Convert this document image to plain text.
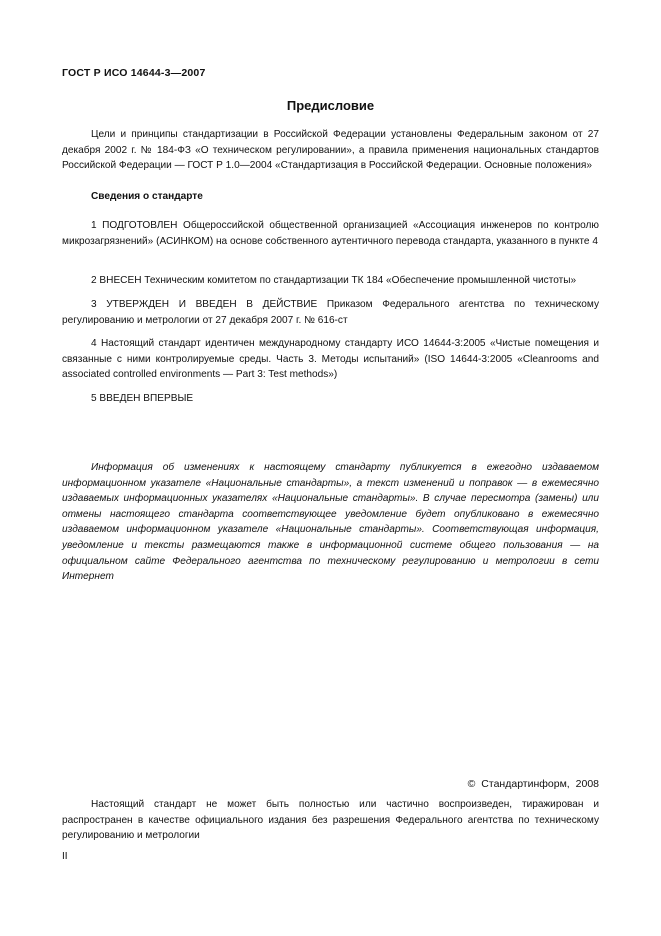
ГОСТ Р ИСО 14644-3—2007
Предисловие
Цели и принципы стандартизации в Российской Федерации установлены Федеральным законом от 27 декабря 2002 г. № 184-ФЗ «О техническом регулировании», а правила применения национальных стандартов Российской Федерации — ГОСТ Р 1.0—2004 «Стандартизация в Российской Федерации. Основные положения»
Сведения о стандарте
1 ПОДГОТОВЛЕН Общероссийской общественной организацией «Ассоциация инженеров по контролю микрозагрязнений» (АСИНКОМ) на основе собственного аутентичного перевода стандарта, указанного в пункте 4
2 ВНЕСЕН Техническим комитетом по стандартизации ТК 184 «Обеспечение промышленной чистоты»
3 УТВЕРЖДЕН И ВВЕДЕН В ДЕЙСТВИЕ Приказом Федерального агентства по техническому регулированию и метрологии от 27 декабря 2007 г. № 616-ст
4 Настоящий стандарт идентичен международному стандарту ИСО 14644-3:2005 «Чистые помещения и связанные с ними контролируемые среды. Часть 3. Методы испытаний» (ISO 14644-3:2005 «Cleanrooms and associated controlled environments — Part 3: Test methods»)
5 ВВЕДЕН ВПЕРВЫЕ
Информация об изменениях к настоящему стандарту публикуется в ежегодно издаваемом информационном указателе «Национальные стандарты», а текст изменений и поправок — в ежемесячно издаваемых информационных указателях «Национальные стандарты». В случае пересмотра (замены) или отмены настоящего стандарта соответствующее уведомление будет опубликовано в ежемесячно издаваемом информационном указателе «Национальные стандарты». Соответствующая информация, уведомление и тексты размещаются также в информационной системе общего пользования — на официальном сайте Федерального агентства по техническому регулированию и метрологии в сети Интернет
© Стандартинформ, 2008
Настоящий стандарт не может быть полностью или частично воспроизведен, тиражирован и распространен в качестве официального издания без разрешения Федерального агентства по техническому регулированию и метрологии
II
